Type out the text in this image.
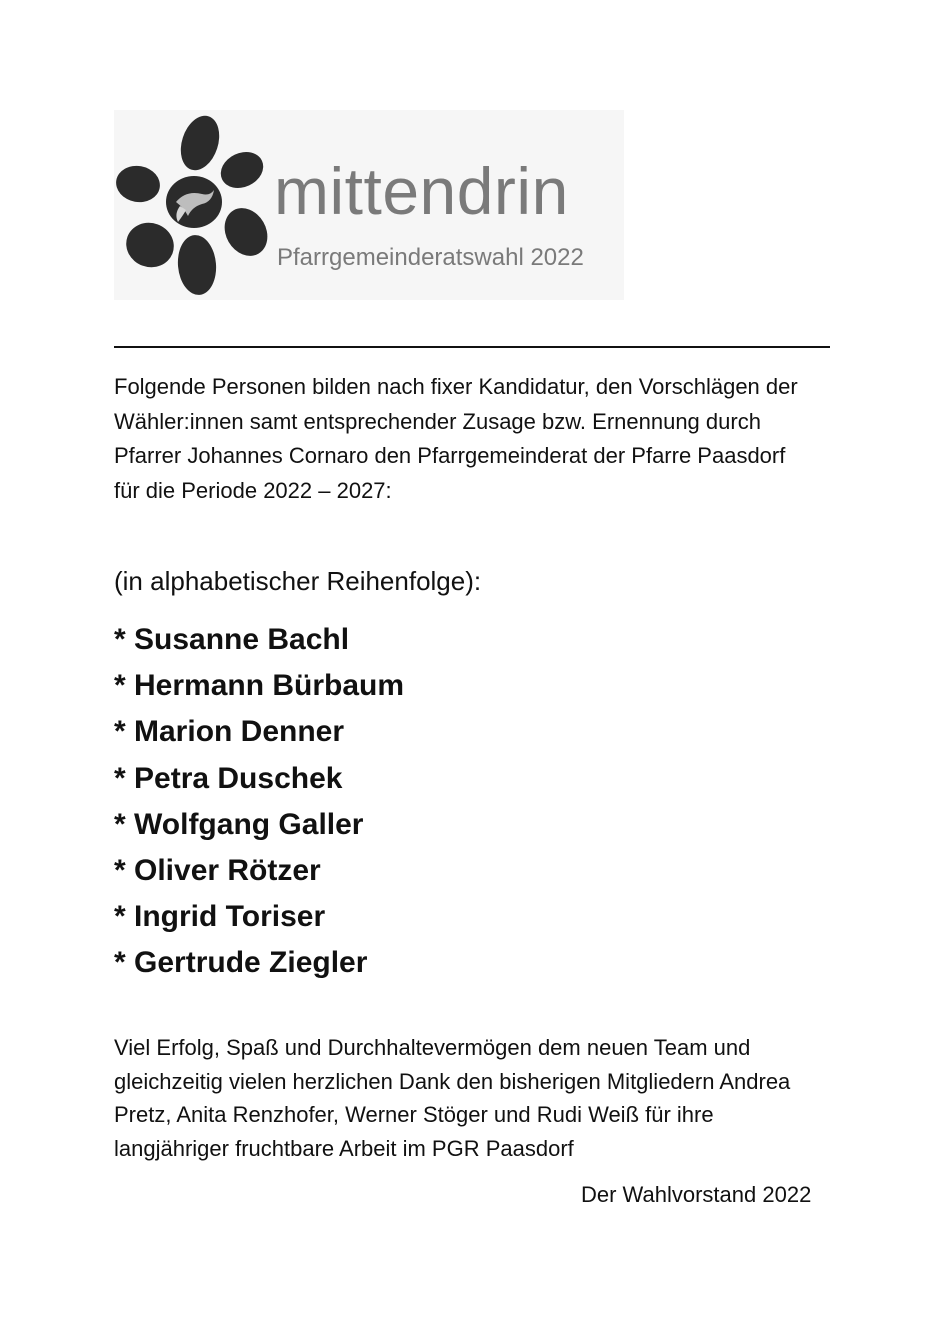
mittendrin
Pfarrgemeinderatswahl 2022
Folgende Personen bilden nach fixer Kandidatur, den Vorschlägen der
Wähler:innen samt entsprechender Zusage bzw. Ernennung durch
Pfarrer Johannes Cornaro den Pfarrgemeinderat der Pfarre Paasdorf
für die Periode 2022 – 2027:
(in alphabetischer Reihenfolge):
* Susanne Bachl
* Hermann Bürbaum
* Marion Denner
* Petra Duschek
* Wolfgang Galler
* Oliver Rötzer
* Ingrid Toriser
* Gertrude Ziegler
Viel Erfolg, Spaß und Durchhaltevermögen dem neuen Team und
gleichzeitig vielen herzlichen Dank den bisherigen Mitgliedern Andrea
Pretz, Anita Renzhofer, Werner Stöger und Rudi Weiß für ihre
langjähriger fruchtbare Arbeit im PGR Paasdorf
Der Wahlvorstand 2022
